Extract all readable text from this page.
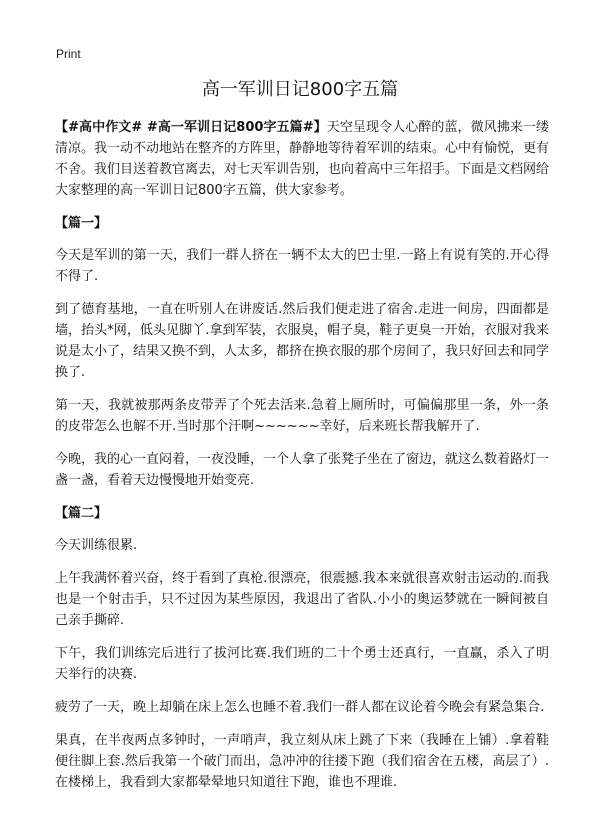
Print
高一军训日记800字五篇

【#高中作文# #高一军训日记800字五篇#】天空呈现令人心醉的蓝，微风拂来一缕清凉。我一动不动地站在整齐的方阵里，静静地等待着军训的结束。心中有愉悦，更有不舍。我们目送着教官离去，对七天军训告别，也向着高中三年招手。下面是文档网给大家整理的高一军训日记800字五篇，供大家参考。

【篇一】

今天是军训的第一天，我们一群人挤在一辆不太大的巴士里.一路上有说有笑的.开心得不得了.

到了德育基地，一直在听别人在讲废话.然后我们便走进了宿舍.走进一间房，四面都是墙，抬头*网，低头见脚丫.拿到军装，衣服臭，帽子臭，鞋子更臭一开始，衣服对我来说是太小了，结果又换不到，人太多，都挤在换衣服的那个房间了，我只好回去和同学换了.

第一天，我就被那两条皮带弄了个死去活来.急着上厕所时，可偏偏那里一条，外一条的皮带怎么也解不开.当时那个汗啊~~~~~~幸好，后来班长帮我解开了.

今晚，我的心一直闷着，一夜没睡，一个人拿了张凳子坐在了窗边，就这么数着路灯一盏一盏，看着天边慢慢地开始变亮.

【篇二】

今天训练很累.

上午我满怀着兴奋，终于看到了真枪.很漂亮，很震撼.我本来就很喜欢射击运动的.而我也是一个射击手，只不过因为某些原因，我退出了省队.小小的奥运梦就在一瞬间被自己亲手撕碎.

下午，我们训练完后进行了拔河比赛.我们班的二十个勇士还真行，一直赢，杀入了明天举行的决赛.

疲劳了一天，晚上却躺在床上怎么也睡不着.我们一群人都在议论着今晚会有紧急集合.

果真，在半夜两点多钟时，一声哨声，我立刻从床上跳了下来（我睡在上铺）.拿着鞋便往脚上套.然后我第一个破门而出，急冲冲的往搂下跑（我们宿舍在五楼，高层了）.在楼梯上，我看到大家都晕晕地只知道往下跑，谁也不理谁.
